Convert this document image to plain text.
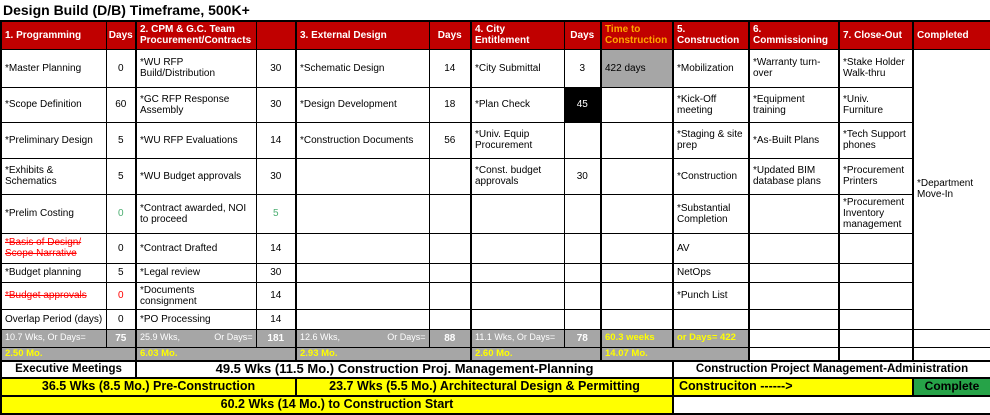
Design Build (D/B) Timeframe, 500K+
1. Programming	Days	2. CPM & G.C. Team Procurement/Contracts		3. External Design	Days	4. City Entitlement	Days	Time to Construction	5. Construction	6. Commissioning	7. Close-Out	Completed
*Master Planning	0	*WU RFP Build/Distribution	30	*Schematic Design	14	*City Submittal	3	422 days	*Mobilization	*Warranty turn-over	*Stake Holder Walk-thru	*Department Move-In
*Scope Definition	60	*GC RFP Response Assembly	30	*Design Development	18	*Plan Check	45		*Kick-Off meeting	*Equipment training	*Univ. Furniture	
*Preliminary Design	5	*WU RFP Evaluations	14	*Construction Documents	56	*Univ. Equip Procurement			*Staging & site prep	*As-Built Plans	*Tech Support phones	
*Exhibits & Schematics	5	*WU Budget approvals	30			*Const. budget approvals	30		*Construction	*Updated BIM database plans	*Procurement Printers	
*Prelim Costing	0	*Contract awarded, NOI to proceed	5						*Substantial Completion		*Procurement Inventory management	
*Basis of Design/ Scope Narrative	0	*Contract Drafted	14						AV			
*Budget planning	5	*Legal review	30						NetOps			
*Budget approvals	0	*Documents consignment	14						*Punch List			
Overlap Period (days)	0	*PO Processing	14									
10.7 Wks, Or Days=	75	25.9 Wks, Or Days=	181	12.6 Wks, Or Days=	88	11.1 Wks, Or Days=	78	60.3 weeks	or Days= 422			
2.50 Mo.		6.03 Mo.		2.93 Mo.		2.60 Mo.		14.07 Mo.				
Executive Meetings		49.5 Wks (11.5 Mo.) Construction Proj. Management-Planning							Construction Project Management-Administration			
36.5 Wks (8.5 Mo.) Pre-Construction				23.7 Wks (5.5 Mo.) Architectural Design & Permitting					Construciton ------>			Complete
60.2 Wks (14 Mo.) to Construction Start												
